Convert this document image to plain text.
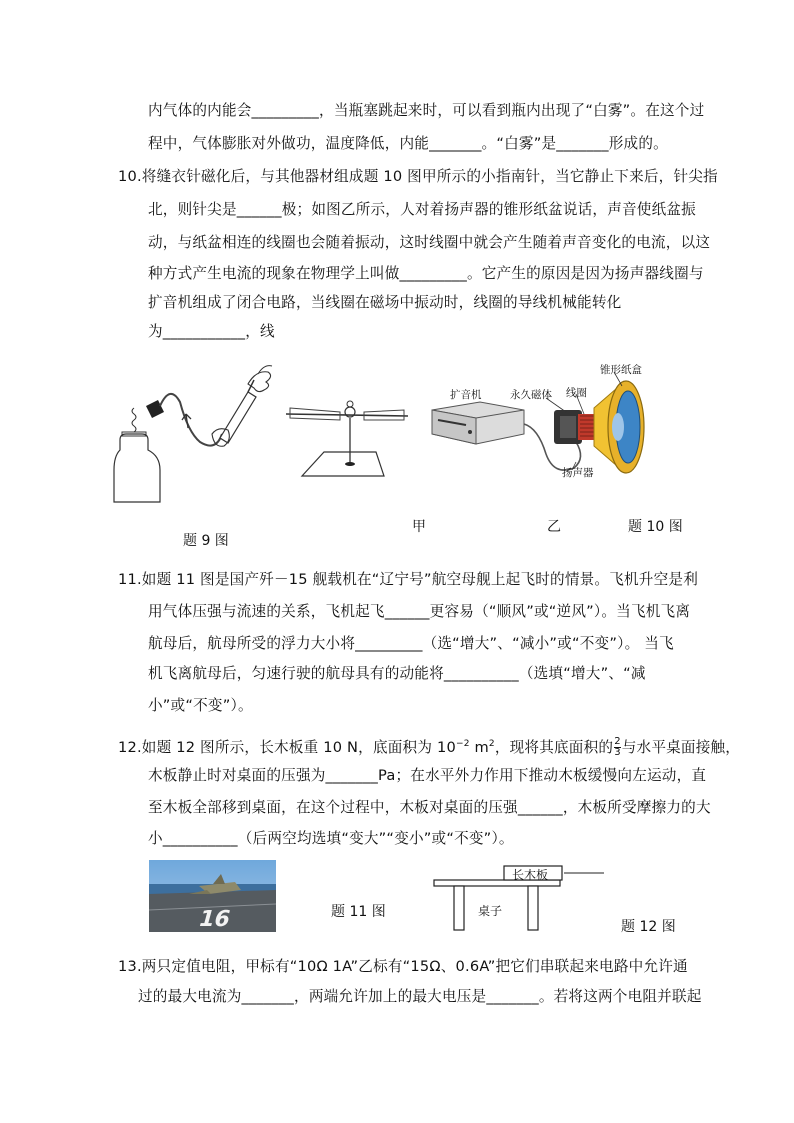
内气体的内能会_________，当瓶塞跳起来时，可以看到瓶内出现了“白雾”。在这个过
程中，气体膨胀对外做功，温度降低，内能_______。“白雾”是_______形成的。
10.将缝衣针磁化后，与其他器材组成题 10 图甲所示的小指南针，当它静止下来后，针尖指
北，则针尖是______极；如图乙所示，人对着扬声器的锥形纸盆说话，声音使纸盆振
动，与纸盆相连的线圈也会随着振动，这时线圈中就会产生随着声音变化的电流，以这
种方式产生电流的现象在物理学上叫做_________。它产生的原因是因为扬声器线圈与
扩音机组成了闭合电路，当线圈在磁场中振动时，线圈的导线机械能转化
为___________，线
扩音机	永久磁体 线圈
锥形纸盒
扬声器
题 9 图
甲	乙	题 10 图
11.如题 11 图是国产歼－15 舰载机在“辽宁号”航空母舰上起飞时的情景。飞机升空是利
用气体压强与流速的关系，飞机起飞______更容易（“顺风”或“逆风”）。当飞机飞离
航母后，航母所受的浮力大小将_________（选“增大”、“减小”或“不变”）。 当飞
机飞离航母后，匀速行驶的航母具有的动能将__________（选填“增大”、“减
小”或“不变”）。
12.如题 12 图所示，长木板重 10 N，底面积为 $10^{-2}$ $m^2$，现将其底面积的 $\frac{2}{3}$ 与水平桌面接触，
木板静止时对桌面的压强为_______Pa；在水平外力作用下推动木板缓慢向左运动，直
至木板全部移到桌面，在这个过程中，木板对桌面的压强______，木板所受摩擦力的大
小__________（后两空均选填“变大”“变小”或“不变”）。
16	题 11 图
长木板
桌子
题 12 图
13.两只定值电阻，甲标有“10Ω 1A”乙标有“15Ω、0.6A”把它们串联起来电路中允许通
过的最大电流为_______，两端允许加上的最大电压是_______。若将这两个电阻并联起
